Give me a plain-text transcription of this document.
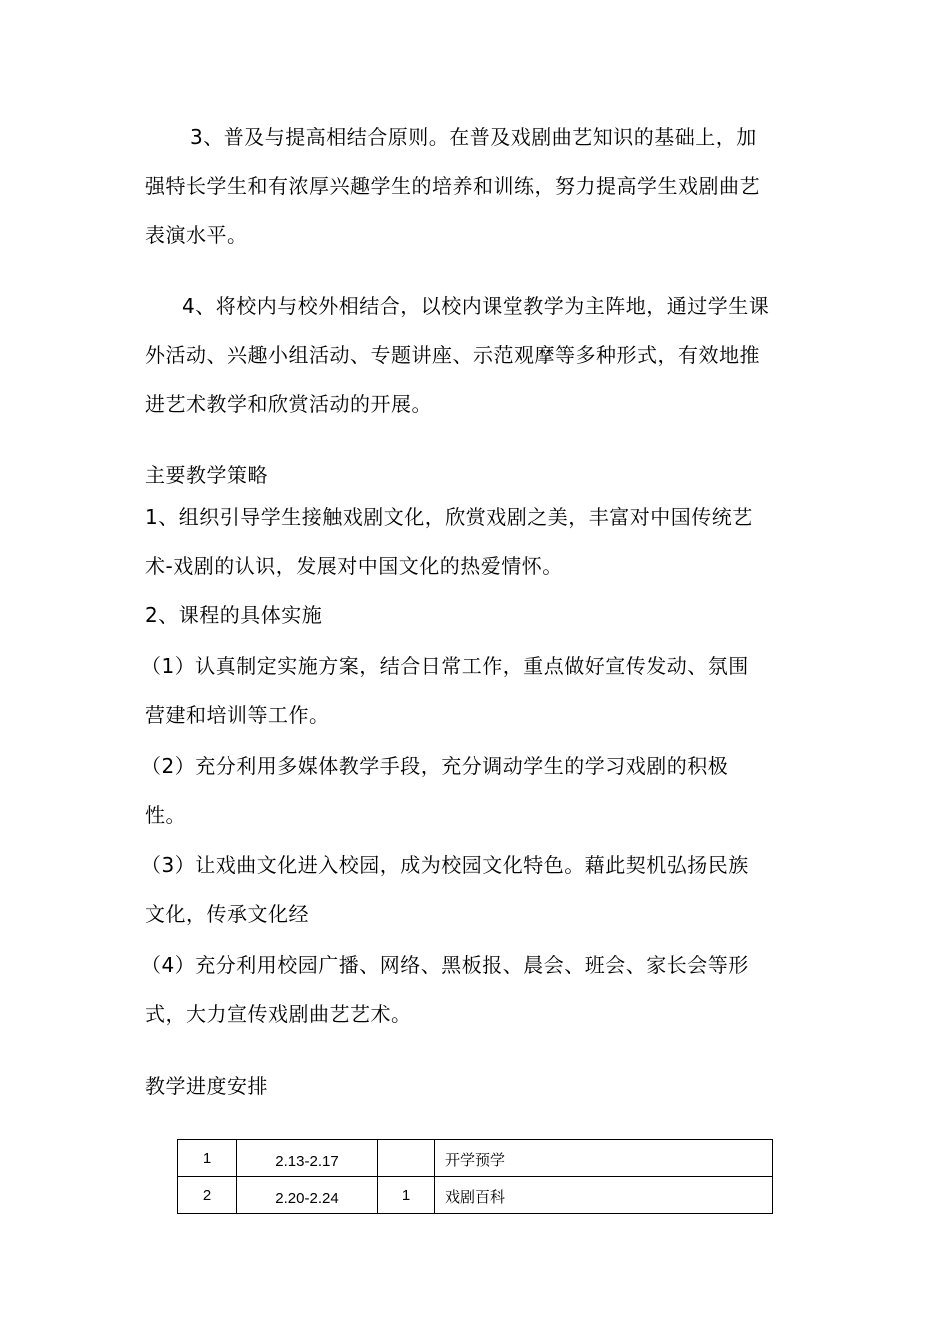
3、普及与提高相结合原则。在普及戏剧曲艺知识的基础上，加
强特长学生和有浓厚兴趣学生的培养和训练，努力提高学生戏剧曲艺
表演水平。
4、将校内与校外相结合，以校内课堂教学为主阵地，通过学生课
外活动、兴趣小组活动、专题讲座、示范观摩等多种形式，有效地推
进艺术教学和欣赏活动的开展。
主要教学策略
1、组织引导学生接触戏剧文化，欣赏戏剧之美，丰富对中国传统艺
术-戏剧的认识，发展对中国文化的热爱情怀。
2、课程的具体实施
（1）认真制定实施方案，结合日常工作，重点做好宣传发动、氛围
营建和培训等工作。
（2）充分利用多媒体教学手段，充分调动学生的学习戏剧的积极
性。
（3）让戏曲文化进入校园，成为校园文化特色。藉此契机弘扬民族
文化，传承文化经
（4）充分利用校园广播、网络、黑板报、晨会、班会、家长会等形
式，大力宣传戏剧曲艺艺术。
教学进度安排
1	2.13-2.17		开学预学

2	2.20-2.24	1	戏剧百科
